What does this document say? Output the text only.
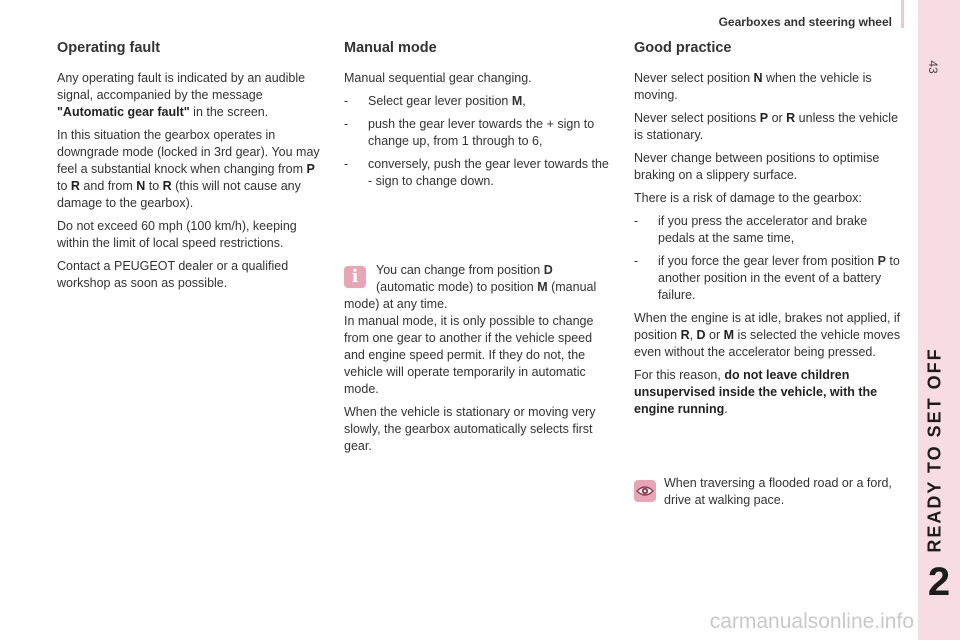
Gearboxes and steering wheel
43
READY TO SET OFF
2
Operating fault

Any operating fault is indicated by an audible signal, accompanied by the message "Automatic gear fault" in the screen.

In this situation the gearbox operates in downgrade mode (locked in 3rd gear). You may feel a substantial knock when changing from P to R and from N to R (this will not cause any damage to the gearbox).

Do not exceed 60 mph (100 km/h), keeping within the limit of local speed restrictions.

Contact a PEUGEOT dealer or a qualified workshop as soon as possible.

Manual mode

Manual sequential gear changing.

- Select gear lever position M,
- push the gear lever towards the + sign to change up, from 1 through to 6,
- conversely, push the gear lever towards the - sign to change down.
i	You can change from position D (automatic mode) to position M (manual mode) at any time.

In manual mode, it is only possible to change from one gear to another if the vehicle speed and engine speed permit. If they do not, the vehicle will operate temporarily in automatic mode.

When the vehicle is stationary or moving very slowly, the gearbox automatically selects first gear.

Good practice

Never select position N when the vehicle is moving.

Never select positions P or R unless the vehicle is stationary.

Never change between positions to optimise braking on a slippery surface.

There is a risk of damage to the gearbox:

- if you press the accelerator and brake pedals at the same time,
- if you force the gear lever from position P to another position in the event of a battery failure.

When the engine is at idle, brakes not applied, if position R, D or M is selected the vehicle moves even without the accelerator being pressed.

For this reason, do not leave children unsupervised inside the vehicle, with the engine running.

When traversing a flooded road or a ford, drive at walking pace.
carmanualsonline.info
